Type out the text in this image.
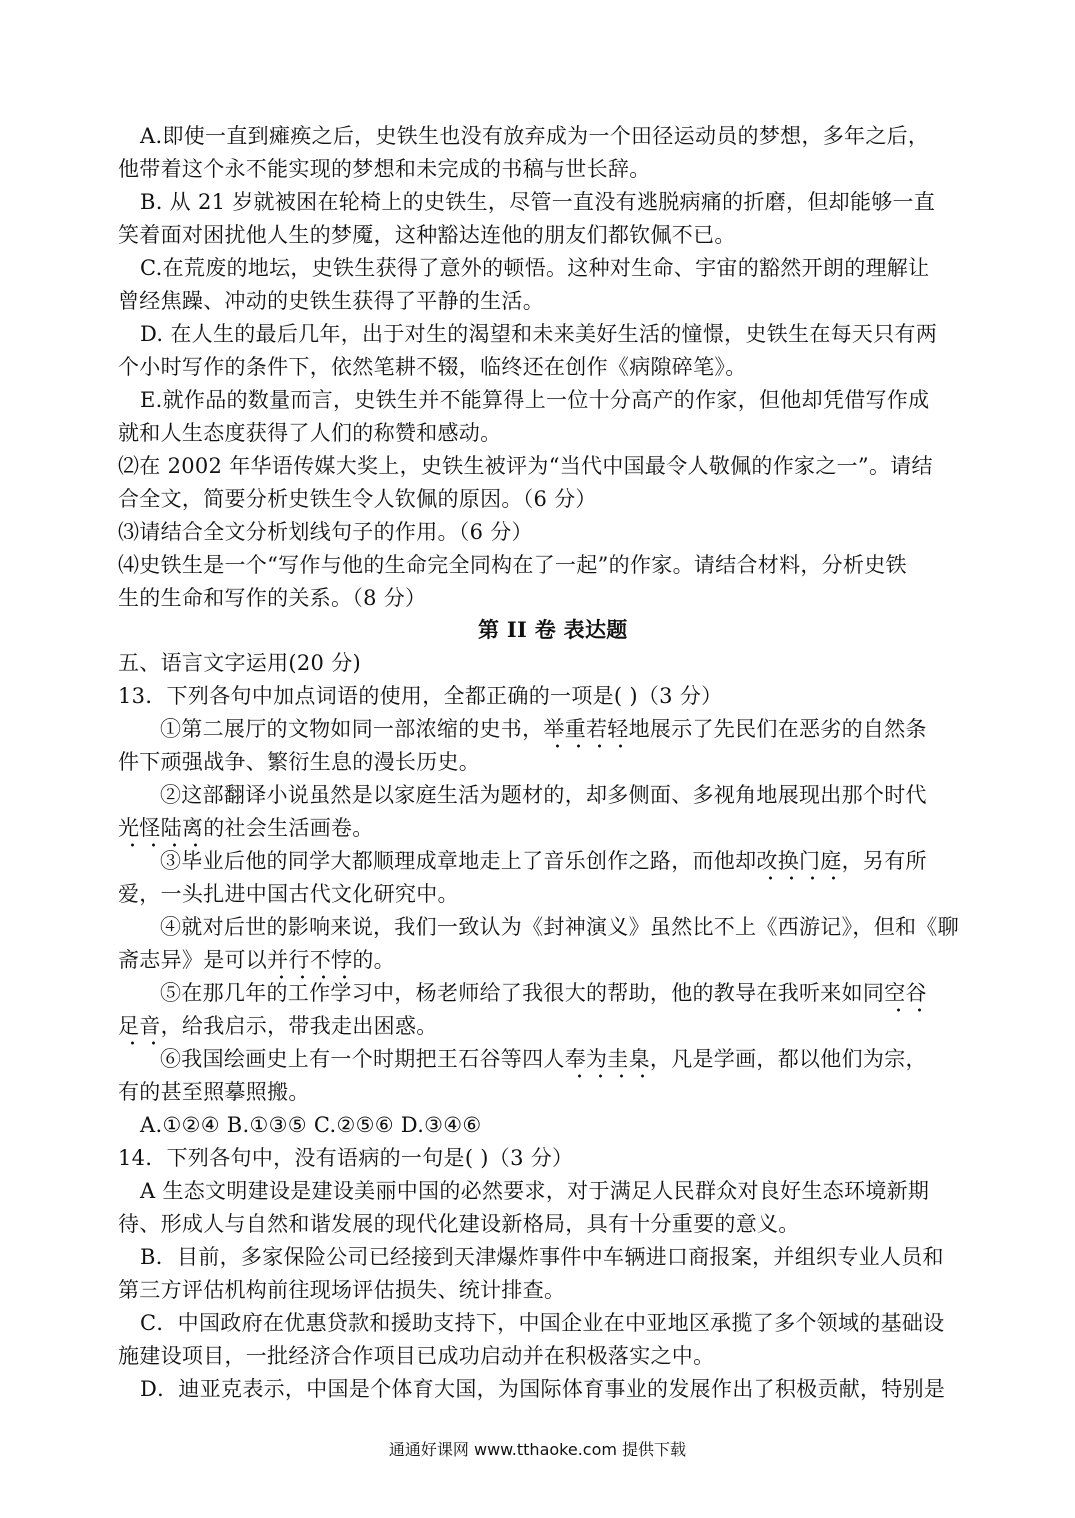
A.即使一直到瘫痪之后，史铁生也没有放弃成为一个田径运动员的梦想，多年之后，
他带着这个永不能实现的梦想和未完成的书稿与世长辞。
B. 从 21 岁就被困在轮椅上的史铁生，尽管一直没有逃脱病痛的折磨，但却能够一直
笑着面对困扰他人生的梦魇，这种豁达连他的朋友们都钦佩不已。
C.在荒废的地坛，史铁生获得了意外的顿悟。这种对生命、宇宙的豁然开朗的理解让
曾经焦躁、冲动的史铁生获得了平静的生活。
D. 在人生的最后几年，出于对生的渴望和未来美好生活的憧憬，史铁生在每天只有两
个小时写作的条件下，依然笔耕不辍，临终还在创作《病隙碎笔》。
E.就作品的数量而言，史铁生并不能算得上一位十分高产的作家，但他却凭借写作成
就和人生态度获得了人们的称赞和感动。
⑵在 2002 年华语传媒大奖上，史铁生被评为“当代中国最令人敬佩的作家之一”。请结
合全文，简要分析史铁生令人钦佩的原因。（6 分）
⑶请结合全文分析划线句子的作用。（6 分）
⑷史铁生是一个“写作与他的生命完全同构在了一起”的作家。请结合材料，分析史铁
生的生命和写作的关系。（8 分）
第 II 卷 表达题
五、语言文字运用(20 分)
13．下列各句中加点词语的使用，全都正确的一项是( )（3 分）
①第二展厅的文物如同一部浓缩的史书，举重若轻地展示了先民们在恶劣的自然条
件下顽强战争、繁衍生息的漫长历史。
②这部翻译小说虽然是以家庭生活为题材的，却多侧面、多视角地展现出那个时代
光怪陆离的社会生活画卷。
③毕业后他的同学大都顺理成章地走上了音乐创作之路，而他却改换门庭，另有所
爱，一头扎进中国古代文化研究中。
④就对后世的影响来说，我们一致认为《封神演义》虽然比不上《西游记》，但和《聊
斋志异》是可以并行不悖的。
⑤在那几年的工作学习中，杨老师给了我很大的帮助，他的教导在我听来如同空谷
足音，给我启示，带我走出困惑。
⑥我国绘画史上有一个时期把王石谷等四人奉为圭臬，凡是学画，都以他们为宗，
有的甚至照摹照搬。
A.①②④ B.①③⑤ C.②⑤⑥ D.③④⑥
14．下列各句中，没有语病的一句是( )（3 分）
A 生态文明建设是建设美丽中国的必然要求，对于满足人民群众对良好生态环境新期
待、形成人与自然和谐发展的现代化建设新格局，具有十分重要的意义。
B．目前，多家保险公司已经接到天津爆炸事件中车辆进口商报案，并组织专业人员和
第三方评估机构前往现场评估损失、统计排查。
C．中国政府在优惠贷款和援助支持下，中国企业在中亚地区承揽了多个领域的基础设
施建设项目，一批经济合作项目已成功启动并在积极落实之中。
D．迪亚克表示，中国是个体育大国，为国际体育事业的发展作出了积极贡献，特别是
通通好课网 www.tthaoke.com 提供下载
